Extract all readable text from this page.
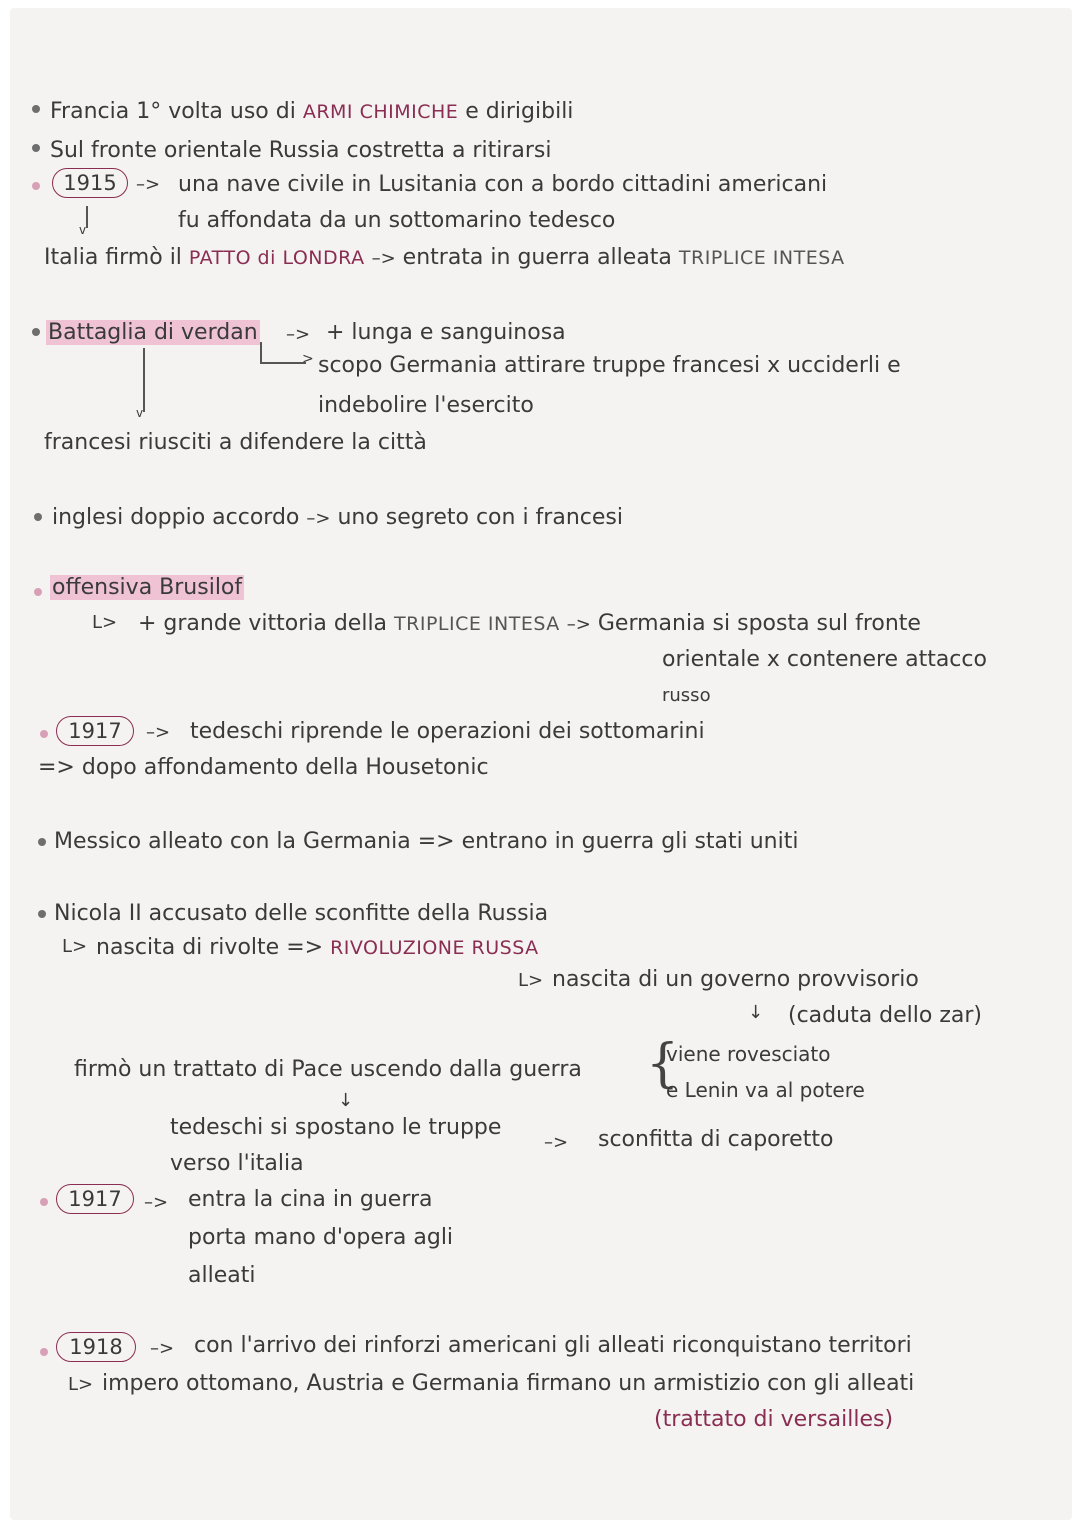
Francia 1° volta uso di ARMI CHIMICHE e dirigibili
Sul fronte orientale Russia costretta a ritirarsi
1915	–> una nave civile in Lusitania con a bordo cittadini americani
fu affondata da un sottomarino tedesco
v
Italia firmò il PATTO di LONDRA –> entrata in guerra alleata TRIPLICE INTESA
Battaglia di verdan –> + lunga e sanguinosa
> scopo Germania attirare truppe francesi x ucciderli e
indebolire l'esercito
v
francesi riusciti a difendere la città
inglesi doppio accordo –> uno segreto con i francesi
offensiva Brusilof
L> + grande vittoria della TRIPLICE INTESA –> Germania si sposta sul fronte
orientale x contenere attacco
russo
1917	–> tedeschi riprende le operazioni dei sottomarini
=> dopo affondamento della Housetonic
Messico alleato con la Germania => entrano in guerra gli stati uniti
Nicola II accusato delle sconfitte della Russia
L> nascita di rivolte => RIVOLUZIONE RUSSA
L> nascita di un governo provvisorio
↓ (caduta dello zar)
firmò un trattato di Pace uscendo dalla guerra {
viene rovesciato
e Lenin va al potere
↓
tedeschi si spostano le truppe
verso l'italia
–> sconfitta di caporetto
1917	–> entra la cina in guerra
porta mano d'opera agli
alleati
1918	–> con l'arrivo dei rinforzi americani gli alleati riconquistano territori
L> impero ottomano, Austria e Germania firmano un armistizio con gli alleati
(trattato di versailles)
